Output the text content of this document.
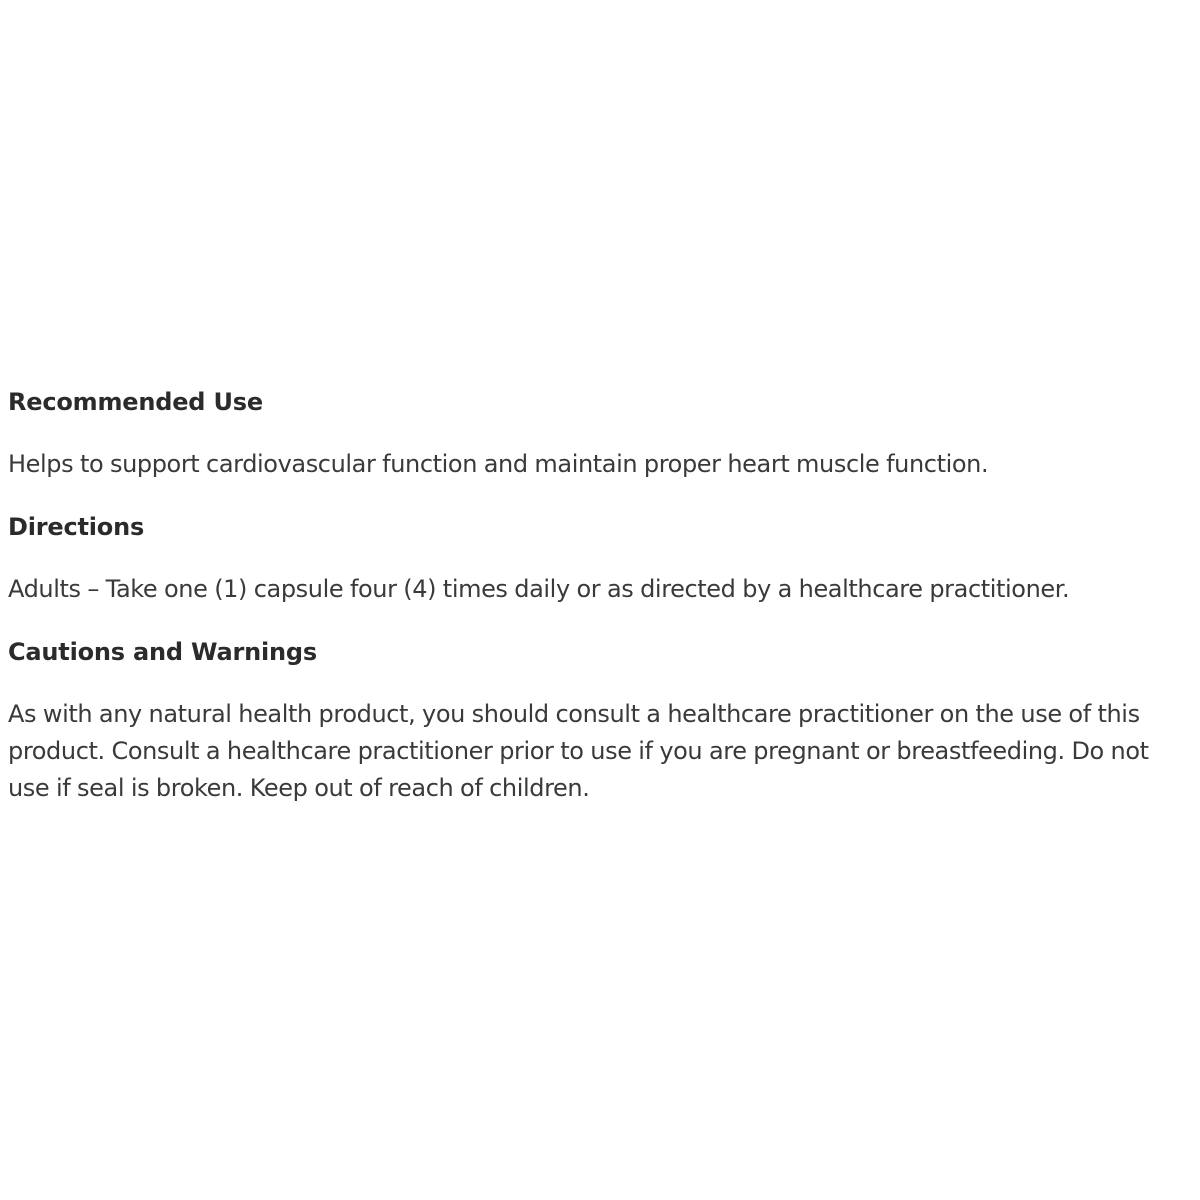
Recommended Use

Helps to support cardiovascular function and maintain proper heart muscle function.

Directions

Adults – Take one (1) capsule four (4) times daily or as directed by a healthcare practitioner.

Cautions and Warnings

As with any natural health product, you should consult a healthcare practitioner on the use of this product. Consult a healthcare practitioner prior to use if you are pregnant or breastfeeding. Do not use if seal is broken. Keep out of reach of children.
